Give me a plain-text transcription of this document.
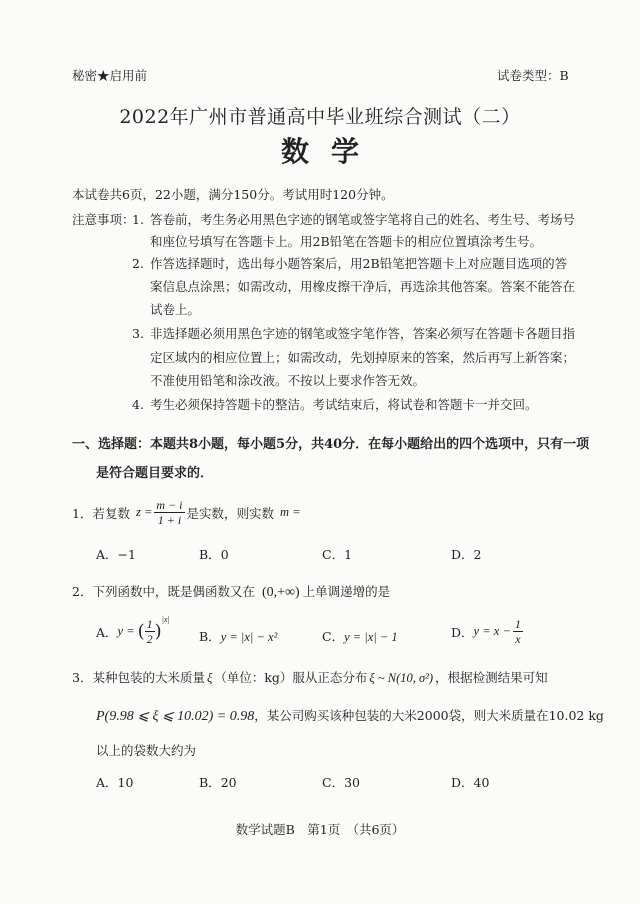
秘密★启用前	试卷类型：B
2022年广州市普通高中毕业班综合测试（二）
数学
本试卷共6页，22小题，满分150分。考试用时120分钟。
注意事项：
1. 答卷前，考生务必用黑色字迹的钢笔或签字笔将自己的姓名、考生号、考场号
和座位号填写在答题卡上。用2B铅笔在答题卡的相应位置填涂考生号。
2. 作答选择题时，选出每小题答案后，用2B铅笔把答题卡上对应题目选项的答
案信息点涂黑；如需改动，用橡皮擦干净后，再选涂其他答案。答案不能答在
试卷上。
3. 非选择题必须用黑色字迹的钢笔或签字笔作答，答案必须写在答题卡各题目指
定区域内的相应位置上；如需改动，先划掉原来的答案，然后再写上新答案；
不准使用铅笔和涂改液。不按以上要求作答无效。
4. 考生必须保持答题卡的整洁。考试结束后，将试卷和答题卡一并交回。
一、选择题：本题共8小题，每小题5分，共40分．在每小题给出的四个选项中，只有一项
是符合题目要求的．
1． 若复数 $z = \frac{m - i}{1 + i}$ 是实数，则实数 m =
A．−1	B．0	C．1	D．2
2．下列函数中，既是偶函数又在 (0,+∞) 上单调递增的是
A． y = ( $\frac{1}{2}$ )
|x|
B．y = |x| − x²	C．y = |x| − 1	D． $y = x - \frac{1}{x}$
3．某种包装的大米质量 ξ （单位：kg）服从正态分布 ξ ~ N(10, σ²) ，根据检测结果可知
P(9.98 ⩽ ξ ⩽ 10.02) = 0.98，某公司购买该种包装的大米2000袋，则大米质量在10.02 kg
以上的袋数大约为
A．10	B．20	C．30	D．40
数学试题B　第1页　（共6页）
